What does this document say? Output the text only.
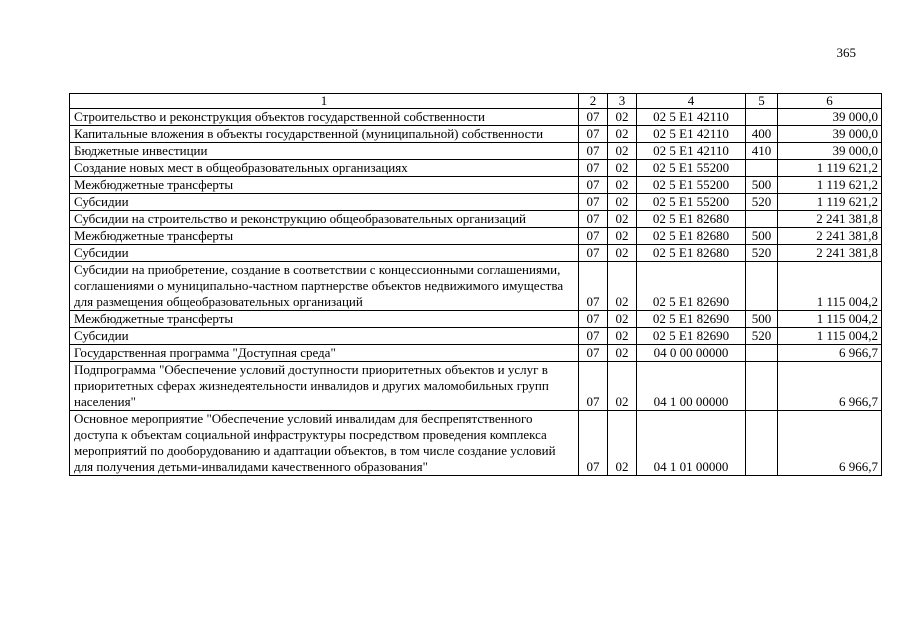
365
1	2	3	4	5	6
Строительство и реконструкция объектов государственной собственности	07	02	02 5 Е1 42110		39 000,0
Капитальные вложения в объекты государственной (муниципальной) собственности	07	02	02 5 Е1 42110	400	39 000,0
Бюджетные инвестиции	07	02	02 5 Е1 42110	410	39 000,0
Создание новых мест в общеобразовательных организациях	07	02	02 5 Е1 55200		1 119 621,2
Межбюджетные трансферты	07	02	02 5 Е1 55200	500	1 119 621,2
Субсидии	07	02	02 5 Е1 55200	520	1 119 621,2
Субсидии на строительство и реконструкцию общеобразовательных организаций	07	02	02 5 Е1 82680		2 241 381,8
Межбюджетные трансферты	07	02	02 5 Е1 82680	500	2 241 381,8
Субсидии	07	02	02 5 Е1 82680	520	2 241 381,8
Субсидии на приобретение, создание в соответствии с концессионными соглашениями, соглашениями о муниципально-частном партнерстве объектов недвижимого имущества для размещения общеобразовательных организаций	07	02	02 5 Е1 82690		1 115 004,2
Межбюджетные трансферты	07	02	02 5 Е1 82690	500	1 115 004,2
Субсидии	07	02	02 5 Е1 82690	520	1 115 004,2
Государственная программа "Доступная среда"	07	02	04 0 00 00000		6 966,7
Подпрограмма "Обеспечение условий доступности приоритетных объектов и услуг в приоритетных сферах жизнедеятельности инвалидов и других маломобильных групп населения"	07	02	04 1 00 00000		6 966,7
Основное мероприятие "Обеспечение условий инвалидам для беспрепятственного доступа к объектам социальной инфраструктуры посредством проведения комплекса мероприятий по дооборудованию и адаптации объектов, в том числе создание условий для получения детьми-инвалидами качественного образования"	07	02	04 1 01 00000		6 966,7
